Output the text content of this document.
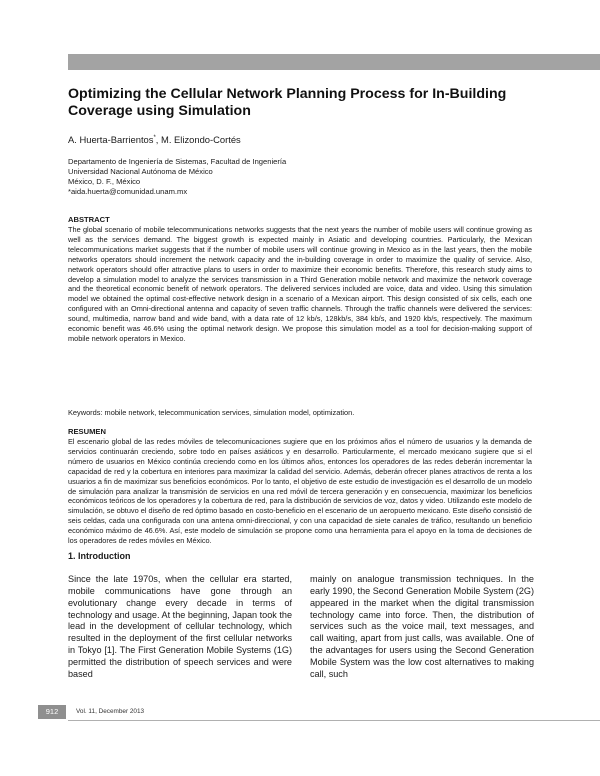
Optimizing the Cellular Network Planning Process for In-Building Coverage using Simulation
A. Huerta-Barrientos*, M. Elizondo-Cortés
Departamento de Ingeniería de Sistemas, Facultad de Ingeniería
Universidad Nacional Autónoma de México
México, D. F., México
*aida.huerta@comunidad.unam.mx
ABSTRACT
The global scenario of mobile telecommunications networks suggests that the next years the number of mobile users will continue growing as well as the services demand. The biggest growth is expected mainly in Asiatic and developing countries. Particularly, the Mexican telecommunications market suggests that if the number of mobile users will continue growing in Mexico as in the last years, then the mobile networks operators should increment the network capacity and the in-building coverage in order to maximize the quality of service. Also, network operators should offer attractive plans to users in order to maximize their economic benefits. Therefore, this research study aims to develop a simulation model to analyze the services transmission in a Third Generation mobile network and maximize the network coverage and the theoretical economic benefit of network operators. The delivered services included are voice, data and video. Using this simulation model we obtained the optimal cost-effective network design in a scenario of a Mexican airport. This design consisted of six cells, each one configured with an Omni-directional antenna and capacity of seven traffic channels. Through the traffic channels were delivered the services: sound, multimedia, narrow band and wide band, with a data rate of 12 kb/s, 128kb/s, 384 kb/s, and 1920 kb/s, respectively. The maximum economic benefit was 46.6% using the optimal network design. We propose this simulation model as a tool for decision-making support of mobile network operators in Mexico.
Keywords: mobile network, telecommunication services, simulation model, optimization.
RESUMEN
El escenario global de las redes móviles de telecomunicaciones sugiere que en los próximos años el número de usuarios y la demanda de servicios continuarán creciendo, sobre todo en países asiáticos y en desarrollo. Particularmente, el mercado mexicano sugiere que si el número de usuarios en México continúa creciendo como en los últimos años, entonces los operadores de las redes deberán incrementar la capacidad de red y la cobertura en interiores para maximizar la calidad del servicio. Además, deberán ofrecer planes atractivos de renta a los usuarios a fin de maximizar sus beneficios económicos. Por lo tanto, el objetivo de este estudio de investigación es el desarrollo de un modelo de simulación para analizar la transmisión de servicios en una red móvil de tercera generación y en consecuencia, maximizar los beneficios económicos teóricos de los operadores y la cobertura de red, para la distribución de servicios de voz, datos y video. Utilizando este modelo de simulación, se obtuvo el diseño de red óptimo basado en costo-beneficio en el escenario de un aeropuerto mexicano. Este diseño consistió de seis celdas, cada una configurada con una antena omni-direccional, y con una capacidad de siete canales de tráfico, resultando un beneficio económico máximo de 46.6%. Así, este modelo de simulación se propone como una herramienta para el apoyo en la toma de decisiones de los operadores de redes móviles en México.
1. Introduction
Since the late 1970s, when the cellular era started, mobile communications have gone through an evolutionary change every decade in terms of technology and usage. At the beginning, Japan took the lead in the development of cellular technology, which resulted in the deployment of the first cellular networks in Tokyo [1]. The First Generation Mobile Systems (1G) permitted the distribution of speech services and were based
mainly on analogue transmission techniques. In the early 1990, the Second Generation Mobile System (2G) appeared in the market when the digital transmission technology came into force. Then, the distribution of services such as the voice mail, text messages, and call waiting, apart from just calls, was available. One of the advantages for users using the Second Generation Mobile System was the low cost alternatives to making call, such
912	Vol. 11, December 2013
